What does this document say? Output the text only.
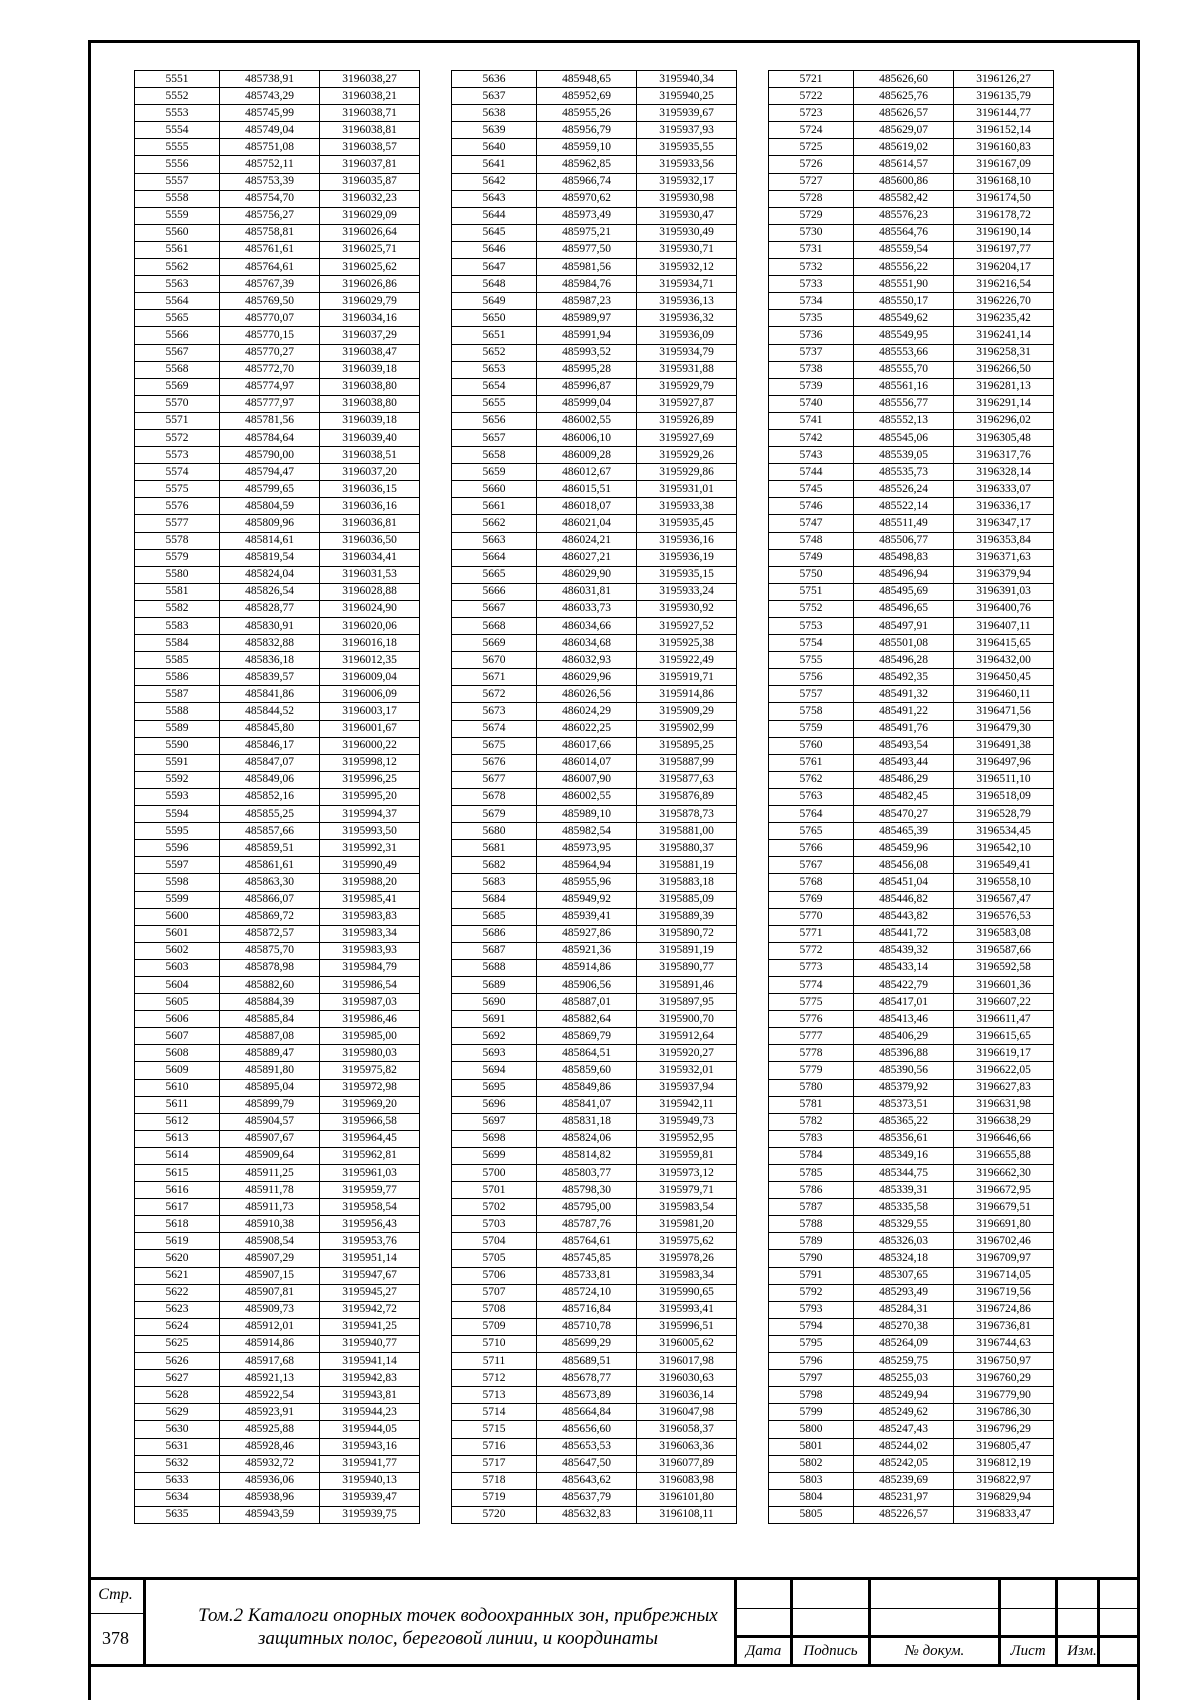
5551	485738,91	3196038,27
5552	485743,29	3196038,21
5553	485745,99	3196038,71
5554	485749,04	3196038,81
5555	485751,08	3196038,57
5556	485752,11	3196037,81
5557	485753,39	3196035,87
5558	485754,70	3196032,23
5559	485756,27	3196029,09
5560	485758,81	3196026,64
5561	485761,61	3196025,71
5562	485764,61	3196025,62
5563	485767,39	3196026,86
5564	485769,50	3196029,79
5565	485770,07	3196034,16
5566	485770,15	3196037,29
5567	485770,27	3196038,47
5568	485772,70	3196039,18
5569	485774,97	3196038,80
5570	485777,97	3196038,80
5571	485781,56	3196039,18
5572	485784,64	3196039,40
5573	485790,00	3196038,51
5574	485794,47	3196037,20
5575	485799,65	3196036,15
5576	485804,59	3196036,16
5577	485809,96	3196036,81
5578	485814,61	3196036,50
5579	485819,54	3196034,41
5580	485824,04	3196031,53
5581	485826,54	3196028,88
5582	485828,77	3196024,90
5583	485830,91	3196020,06
5584	485832,88	3196016,18
5585	485836,18	3196012,35
5586	485839,57	3196009,04
5587	485841,86	3196006,09
5588	485844,52	3196003,17
5589	485845,80	3196001,67
5590	485846,17	3196000,22
5591	485847,07	3195998,12
5592	485849,06	3195996,25
5593	485852,16	3195995,20
5594	485855,25	3195994,37
5595	485857,66	3195993,50
5596	485859,51	3195992,31
5597	485861,61	3195990,49
5598	485863,30	3195988,20
5599	485866,07	3195985,41
5600	485869,72	3195983,83
5601	485872,57	3195983,34
5602	485875,70	3195983,93
5603	485878,98	3195984,79
5604	485882,60	3195986,54
5605	485884,39	3195987,03
5606	485885,84	3195986,46
5607	485887,08	3195985,00
5608	485889,47	3195980,03
5609	485891,80	3195975,82
5610	485895,04	3195972,98
5611	485899,79	3195969,20
5612	485904,57	3195966,58
5613	485907,67	3195964,45
5614	485909,64	3195962,81
5615	485911,25	3195961,03
5616	485911,78	3195959,77
5617	485911,73	3195958,54
5618	485910,38	3195956,43
5619	485908,54	3195953,76
5620	485907,29	3195951,14
5621	485907,15	3195947,67
5622	485907,81	3195945,27
5623	485909,73	3195942,72
5624	485912,01	3195941,25
5625	485914,86	3195940,77
5626	485917,68	3195941,14
5627	485921,13	3195942,83
5628	485922,54	3195943,81
5629	485923,91	3195944,23
5630	485925,88	3195944,05
5631	485928,46	3195943,16
5632	485932,72	3195941,77
5633	485936,06	3195940,13
5634	485938,96	3195939,47
5635	485943,59	3195939,75
5636	485948,65	3195940,34
5637	485952,69	3195940,25
5638	485955,26	3195939,67
5639	485956,79	3195937,93
5640	485959,10	3195935,55
5641	485962,85	3195933,56
5642	485966,74	3195932,17
5643	485970,62	3195930,98
5644	485973,49	3195930,47
5645	485975,21	3195930,49
5646	485977,50	3195930,71
5647	485981,56	3195932,12
5648	485984,76	3195934,71
5649	485987,23	3195936,13
5650	485989,97	3195936,32
5651	485991,94	3195936,09
5652	485993,52	3195934,79
5653	485995,28	3195931,88
5654	485996,87	3195929,79
5655	485999,04	3195927,87
5656	486002,55	3195926,89
5657	486006,10	3195927,69
5658	486009,28	3195929,26
5659	486012,67	3195929,86
5660	486015,51	3195931,01
5661	486018,07	3195933,38
5662	486021,04	3195935,45
5663	486024,21	3195936,16
5664	486027,21	3195936,19
5665	486029,90	3195935,15
5666	486031,81	3195933,24
5667	486033,73	3195930,92
5668	486034,66	3195927,52
5669	486034,68	3195925,38
5670	486032,93	3195922,49
5671	486029,96	3195919,71
5672	486026,56	3195914,86
5673	486024,29	3195909,29
5674	486022,25	3195902,99
5675	486017,66	3195895,25
5676	486014,07	3195887,99
5677	486007,90	3195877,63
5678	486002,55	3195876,89
5679	485989,10	3195878,73
5680	485982,54	3195881,00
5681	485973,95	3195880,37
5682	485964,94	3195881,19
5683	485955,96	3195883,18
5684	485949,92	3195885,09
5685	485939,41	3195889,39
5686	485927,86	3195890,72
5687	485921,36	3195891,19
5688	485914,86	3195890,77
5689	485906,56	3195891,46
5690	485887,01	3195897,95
5691	485882,64	3195900,70
5692	485869,79	3195912,64
5693	485864,51	3195920,27
5694	485859,60	3195932,01
5695	485849,86	3195937,94
5696	485841,07	3195942,11
5697	485831,18	3195949,73
5698	485824,06	3195952,95
5699	485814,82	3195959,81
5700	485803,77	3195973,12
5701	485798,30	3195979,71
5702	485795,00	3195983,54
5703	485787,76	3195981,20
5704	485764,61	3195975,62
5705	485745,85	3195978,26
5706	485733,81	3195983,34
5707	485724,10	3195990,65
5708	485716,84	3195993,41
5709	485710,78	3195996,51
5710	485699,29	3196005,62
5711	485689,51	3196017,98
5712	485678,77	3196030,63
5713	485673,89	3196036,14
5714	485664,84	3196047,98
5715	485656,60	3196058,37
5716	485653,53	3196063,36
5717	485647,50	3196077,89
5718	485643,62	3196083,98
5719	485637,79	3196101,80
5720	485632,83	3196108,11
5721	485626,60	3196126,27
5722	485625,76	3196135,79
5723	485626,57	3196144,77
5724	485629,07	3196152,14
5725	485619,02	3196160,83
5726	485614,57	3196167,09
5727	485600,86	3196168,10
5728	485582,42	3196174,50
5729	485576,23	3196178,72
5730	485564,76	3196190,14
5731	485559,54	3196197,77
5732	485556,22	3196204,17
5733	485551,90	3196216,54
5734	485550,17	3196226,70
5735	485549,62	3196235,42
5736	485549,95	3196241,14
5737	485553,66	3196258,31
5738	485555,70	3196266,50
5739	485561,16	3196281,13
5740	485556,77	3196291,14
5741	485552,13	3196296,02
5742	485545,06	3196305,48
5743	485539,05	3196317,76
5744	485535,73	3196328,14
5745	485526,24	3196333,07
5746	485522,14	3196336,17
5747	485511,49	3196347,17
5748	485506,77	3196353,84
5749	485498,83	3196371,63
5750	485496,94	3196379,94
5751	485495,69	3196391,03
5752	485496,65	3196400,76
5753	485497,91	3196407,11
5754	485501,08	3196415,65
5755	485496,28	3196432,00
5756	485492,35	3196450,45
5757	485491,32	3196460,11
5758	485491,22	3196471,56
5759	485491,76	3196479,30
5760	485493,54	3196491,38
5761	485493,44	3196497,96
5762	485486,29	3196511,10
5763	485482,45	3196518,09
5764	485470,27	3196528,79
5765	485465,39	3196534,45
5766	485459,96	3196542,10
5767	485456,08	3196549,41
5768	485451,04	3196558,10
5769	485446,82	3196567,47
5770	485443,82	3196576,53
5771	485441,72	3196583,08
5772	485439,32	3196587,66
5773	485433,14	3196592,58
5774	485422,79	3196601,36
5775	485417,01	3196607,22
5776	485413,46	3196611,47
5777	485406,29	3196615,65
5778	485396,88	3196619,17
5779	485390,56	3196622,05
5780	485379,92	3196627,83
5781	485373,51	3196631,98
5782	485365,22	3196638,29
5783	485356,61	3196646,66
5784	485349,16	3196655,88
5785	485344,75	3196662,30
5786	485339,31	3196672,95
5787	485335,58	3196679,51
5788	485329,55	3196691,80
5789	485326,03	3196702,46
5790	485324,18	3196709,97
5791	485307,65	3196714,05
5792	485293,49	3196719,56
5793	485284,31	3196724,86
5794	485270,38	3196736,81
5795	485264,09	3196744,63
5796	485259,75	3196750,97
5797	485255,03	3196760,29
5798	485249,94	3196779,90
5799	485249,62	3196786,30
5800	485247,43	3196796,29
5801	485244,02	3196805,47
5802	485242,05	3196812,19
5803	485239,69	3196822,97
5804	485231,97	3196829,94
5805	485226,57	3196833,47
Стр.
378
Том.2 Каталоги опорных точек водоохранных зон, прибрежных защитных полос, береговой линии, и координаты
Дата	Подпись	№ докум.	Лист	Изм.
